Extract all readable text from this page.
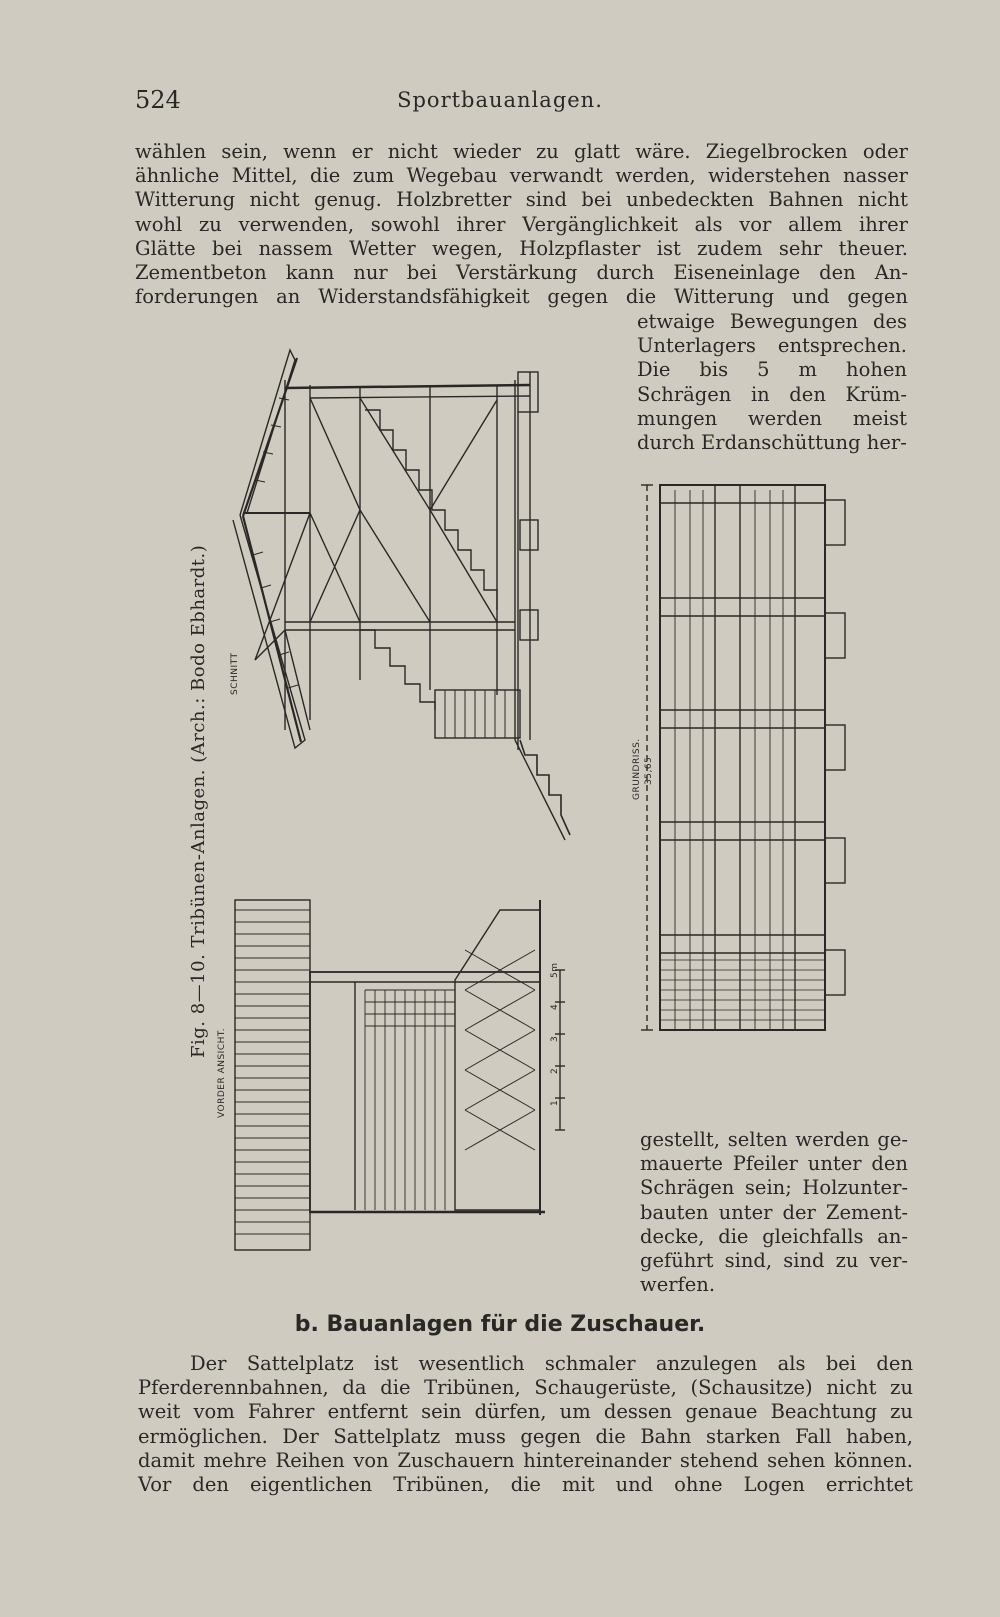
524	Sportbauanlagen.
wählen sein, wenn er nicht wieder zu glatt wäre. Ziegelbrocken oder
ähnliche Mittel, die zum Wegebau verwandt werden, widerstehen nasser
Witterung nicht genug. Holzbretter sind bei unbedeckten Bahnen nicht
wohl zu verwenden, sowohl ihrer Vergänglichkeit als vor allem ihrer
Glätte bei nassem Wetter wegen, Holzpflaster ist zudem sehr theuer.
Zementbeton kann nur bei Verstärkung durch Eiseneinlage den An-
forderungen an Widerstandsfähigkeit gegen die Witterung und gegen
etwaige Bewegungen des
Unterlagers entsprechen.
Die bis 5 m hohen
Schrägen in den Krüm-
mungen werden meist
durch Erdanschüttung her-
Fig. 8—10. Tribünen-Anlagen. (Arch.: Bodo Ebhardt.) SCHNITT
VORDER ANSICHT.
GRUNDRISS. 35,65
5m
4
3
2
1
gestellt, selten werden ge-
mauerte Pfeiler unter den
Schrägen sein; Holzunter-
bauten unter der Zement-
decke, die gleichfalls an-
geführt sind, sind zu ver-
werfen.
b. Bauanlagen für die Zuschauer.
Der Sattelplatz ist wesentlich schmaler anzulegen als bei den
Pferderennbahnen, da die Tribünen, Schaugerüste, (Schausitze) nicht zu
weit vom Fahrer entfernt sein dürfen, um dessen genaue Beachtung zu
ermöglichen. Der Sattelplatz muss gegen die Bahn starken Fall haben,
damit mehre Reihen von Zuschauern hintereinander stehend sehen können.
Vor den eigentlichen Tribünen, die mit und ohne Logen errichtet
